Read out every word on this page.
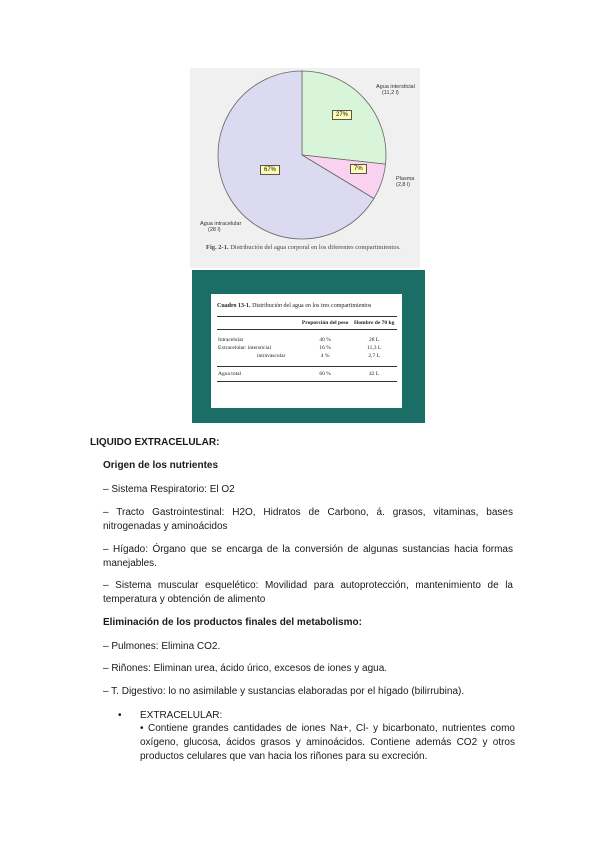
Agua intersticial
(11,2 l)
Plasma
(2,8 l)
Agua intracelular
(28 l)
27%
7%
67%
Fig. 2-1. Distribución del agua corporal en los diferentes compartimientos.
Cuadro 13-1. Distribución del agua en los tres compartimientos
	Proporción del peso	Hombre de 70 kg

Intracelular	40 %	28 L
Extracelular: intersticial	16 %	11,3 L
intravascular	4 %	2,7 L

Agua total	60 %	42 L
LIQUIDO EXTRACELULAR:
Origen de los nutrientes
– Sistema Respiratorio: El O2
– Tracto Gastrointestinal: H2O, Hidratos de Carbono, á. grasos, vitaminas, bases nitrogenadas y aminoácidos
– Hígado: Órgano que se encarga de la conversión de algunas sustancias hacia formas manejables.
– Sistema muscular esquelético: Movilidad para autoprotección, mantenimiento de la temperatura y obtención de alimento
Eliminación de los productos finales del metabolismo:
– Pulmones: Elimina CO2.
– Riñones: Eliminan urea, ácido úrico, excesos de iones y agua.
– T. Digestivo: lo no asimilable y sustancias elaboradas por el hígado (bilirrubina).
• EXTRACELULAR:
• Contiene grandes cantidades de iones Na+, Cl- y bicarbonato, nutrientes como oxígeno, glucosa, ácidos grasos y aminoácidos. Contiene además CO2 y otros productos celulares que van hacia los riñones para su excreción.
